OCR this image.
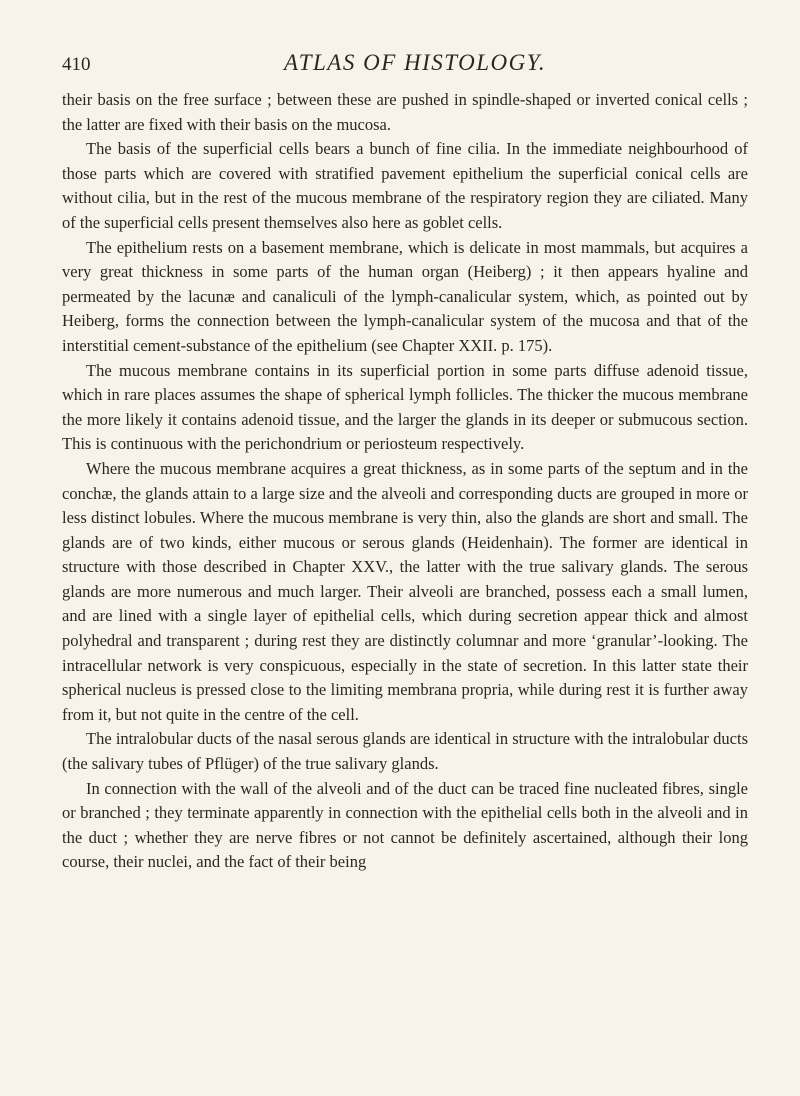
410	ATLAS OF HISTOLOGY.

their basis on the free surface ; between these are pushed in spindle-shaped or inverted conical cells ; the latter are fixed with their basis on the mucosa.

The basis of the superficial cells bears a bunch of fine cilia. In the immediate neighbourhood of those parts which are covered with stratified pavement epithelium the superficial conical cells are without cilia, but in the rest of the mucous membrane of the respiratory region they are ciliated. Many of the superficial cells present themselves also here as goblet cells.

The epithelium rests on a basement membrane, which is delicate in most mammals, but acquires a very great thickness in some parts of the human organ (Heiberg) ; it then appears hyaline and permeated by the lacunæ and canaliculi of the lymph-canalicular system, which, as pointed out by Heiberg, forms the connection between the lymph-canalicular system of the mucosa and that of the interstitial cement-substance of the epithelium (see Chapter XXII. p. 175).

The mucous membrane contains in its superficial portion in some parts diffuse adenoid tissue, which in rare places assumes the shape of spherical lymph follicles. The thicker the mucous membrane the more likely it contains adenoid tissue, and the larger the glands in its deeper or submucous section. This is continuous with the perichondrium or periosteum respectively.

Where the mucous membrane acquires a great thickness, as in some parts of the septum and in the conchæ, the glands attain to a large size and the alveoli and corresponding ducts are grouped in more or less distinct lobules. Where the mucous membrane is very thin, also the glands are short and small. The glands are of two kinds, either mucous or serous glands (Heidenhain). The former are identical in structure with those described in Chapter XXV., the latter with the true salivary glands. The serous glands are more numerous and much larger. Their alveoli are branched, possess each a small lumen, and are lined with a single layer of epithelial cells, which during secretion appear thick and almost polyhedral and transparent ; during rest they are distinctly columnar and more ‘granular’-looking. The intracellular network is very conspicuous, especially in the state of secretion. In this latter state their spherical nucleus is pressed close to the limiting membrana propria, while during rest it is further away from it, but not quite in the centre of the cell.

The intralobular ducts of the nasal serous glands are identical in structure with the intralobular ducts (the salivary tubes of Pflüger) of the true salivary glands.

In connection with the wall of the alveoli and of the duct can be traced fine nucleated fibres, single or branched ; they terminate apparently in connection with the epithelial cells both in the alveoli and in the duct ; whether they are nerve fibres or not cannot be definitely ascertained, although their long course, their nuclei, and the fact of their being
